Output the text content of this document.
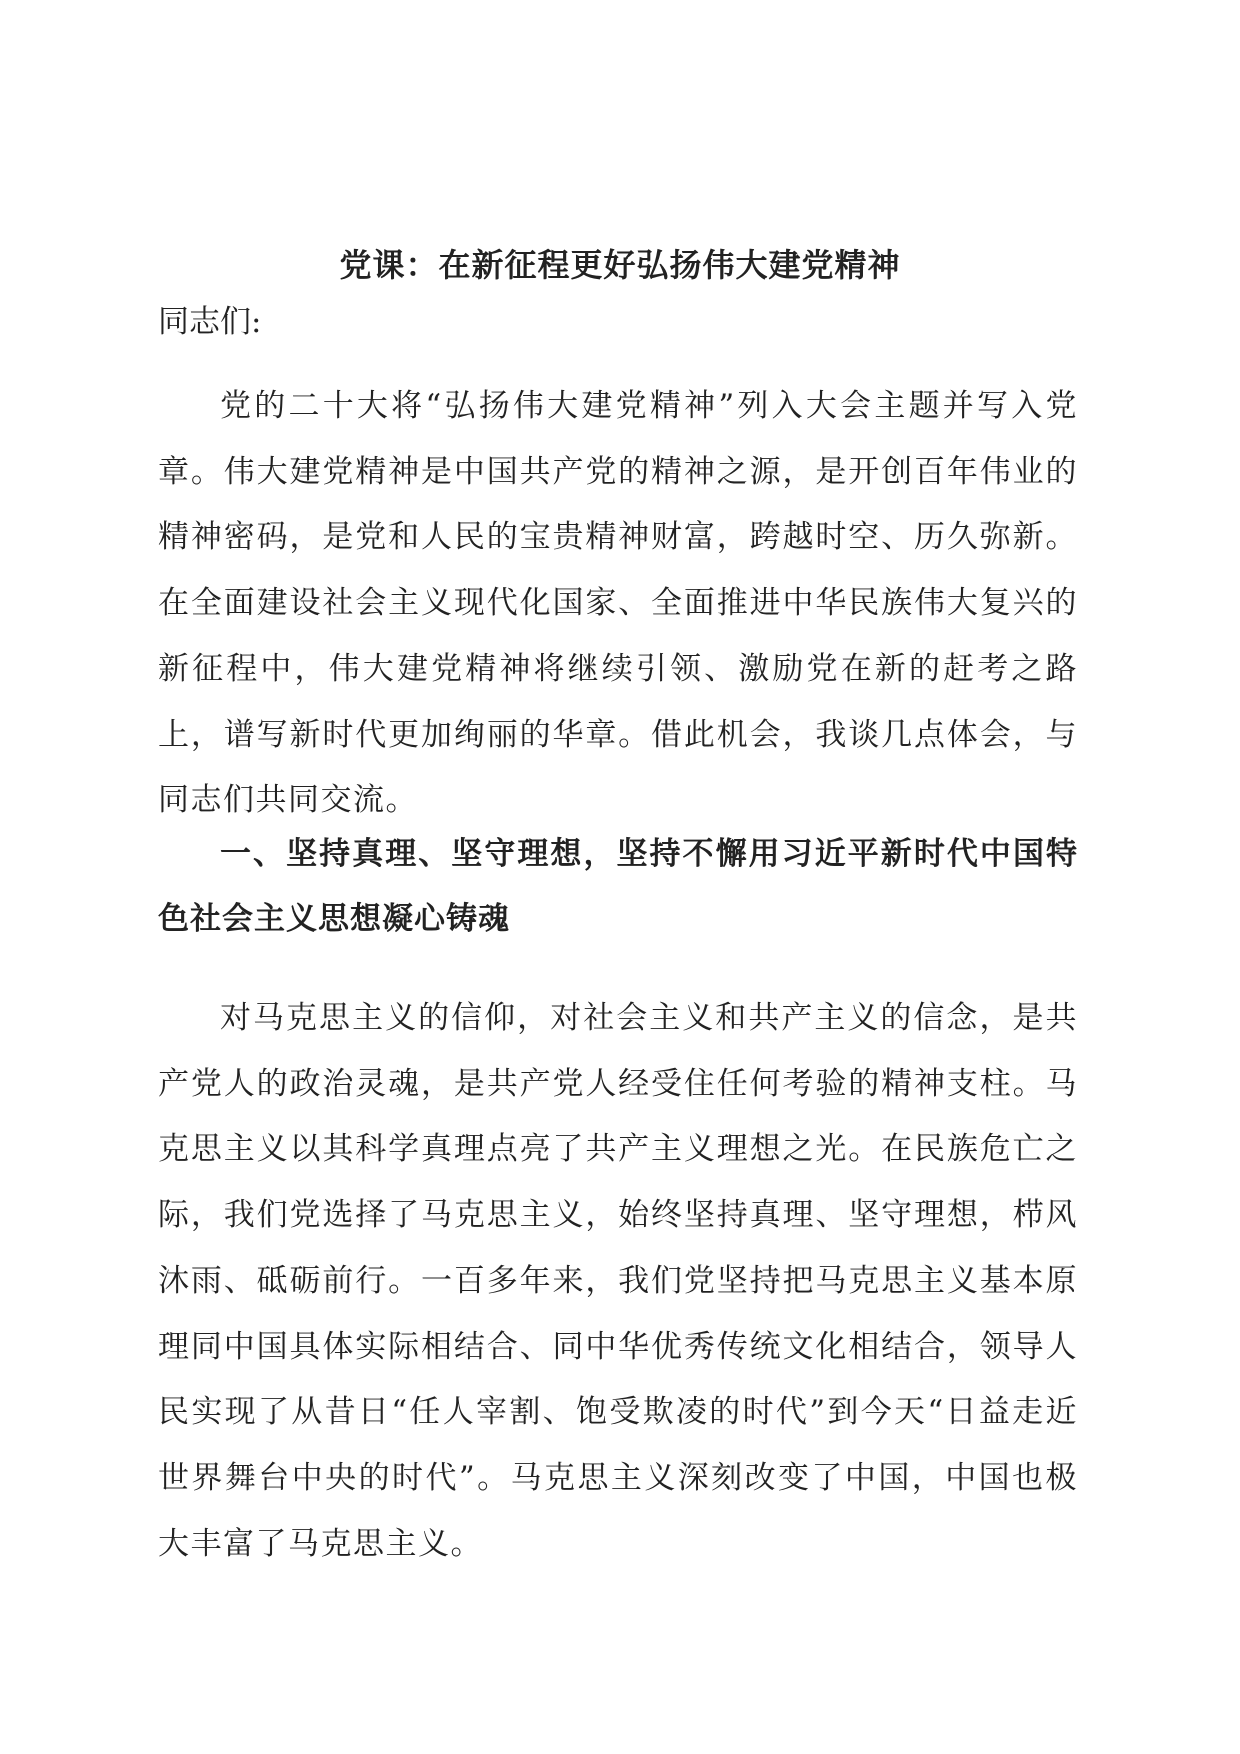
党课：在新征程更好弘扬伟大建党精神
同志们:

党的二十大将“弘扬伟大建党精神”列入大会主题并写入党章。伟大建党精神是中国共产党的精神之源，是开创百年伟业的精神密码，是党和人民的宝贵精神财富，跨越时空、历久弥新。在全面建设社会主义现代化国家、全面推进中华民族伟大复兴的新征程中，伟大建党精神将继续引领、激励党在新的赶考之路上，谱写新时代更加绚丽的华章。借此机会，我谈几点体会，与同志们共同交流。

一、坚持真理、坚守理想，坚持不懈用习近平新时代中国特色社会主义思想凝心铸魂

对马克思主义的信仰，对社会主义和共产主义的信念，是共产党人的政治灵魂，是共产党人经受住任何考验的精神支柱。马克思主义以其科学真理点亮了共产主义理想之光。在民族危亡之际，我们党选择了马克思主义，始终坚持真理、坚守理想，栉风沐雨、砥砺前行。一百多年来，我们党坚持把马克思主义基本原理同中国具体实际相结合、同中华优秀传统文化相结合，领导人民实现了从昔日“任人宰割、饱受欺凌的时代”到今天“日益走近世界舞台中央的时代”。马克思主义深刻改变了中国，中国也极大丰富了马克思主义。
